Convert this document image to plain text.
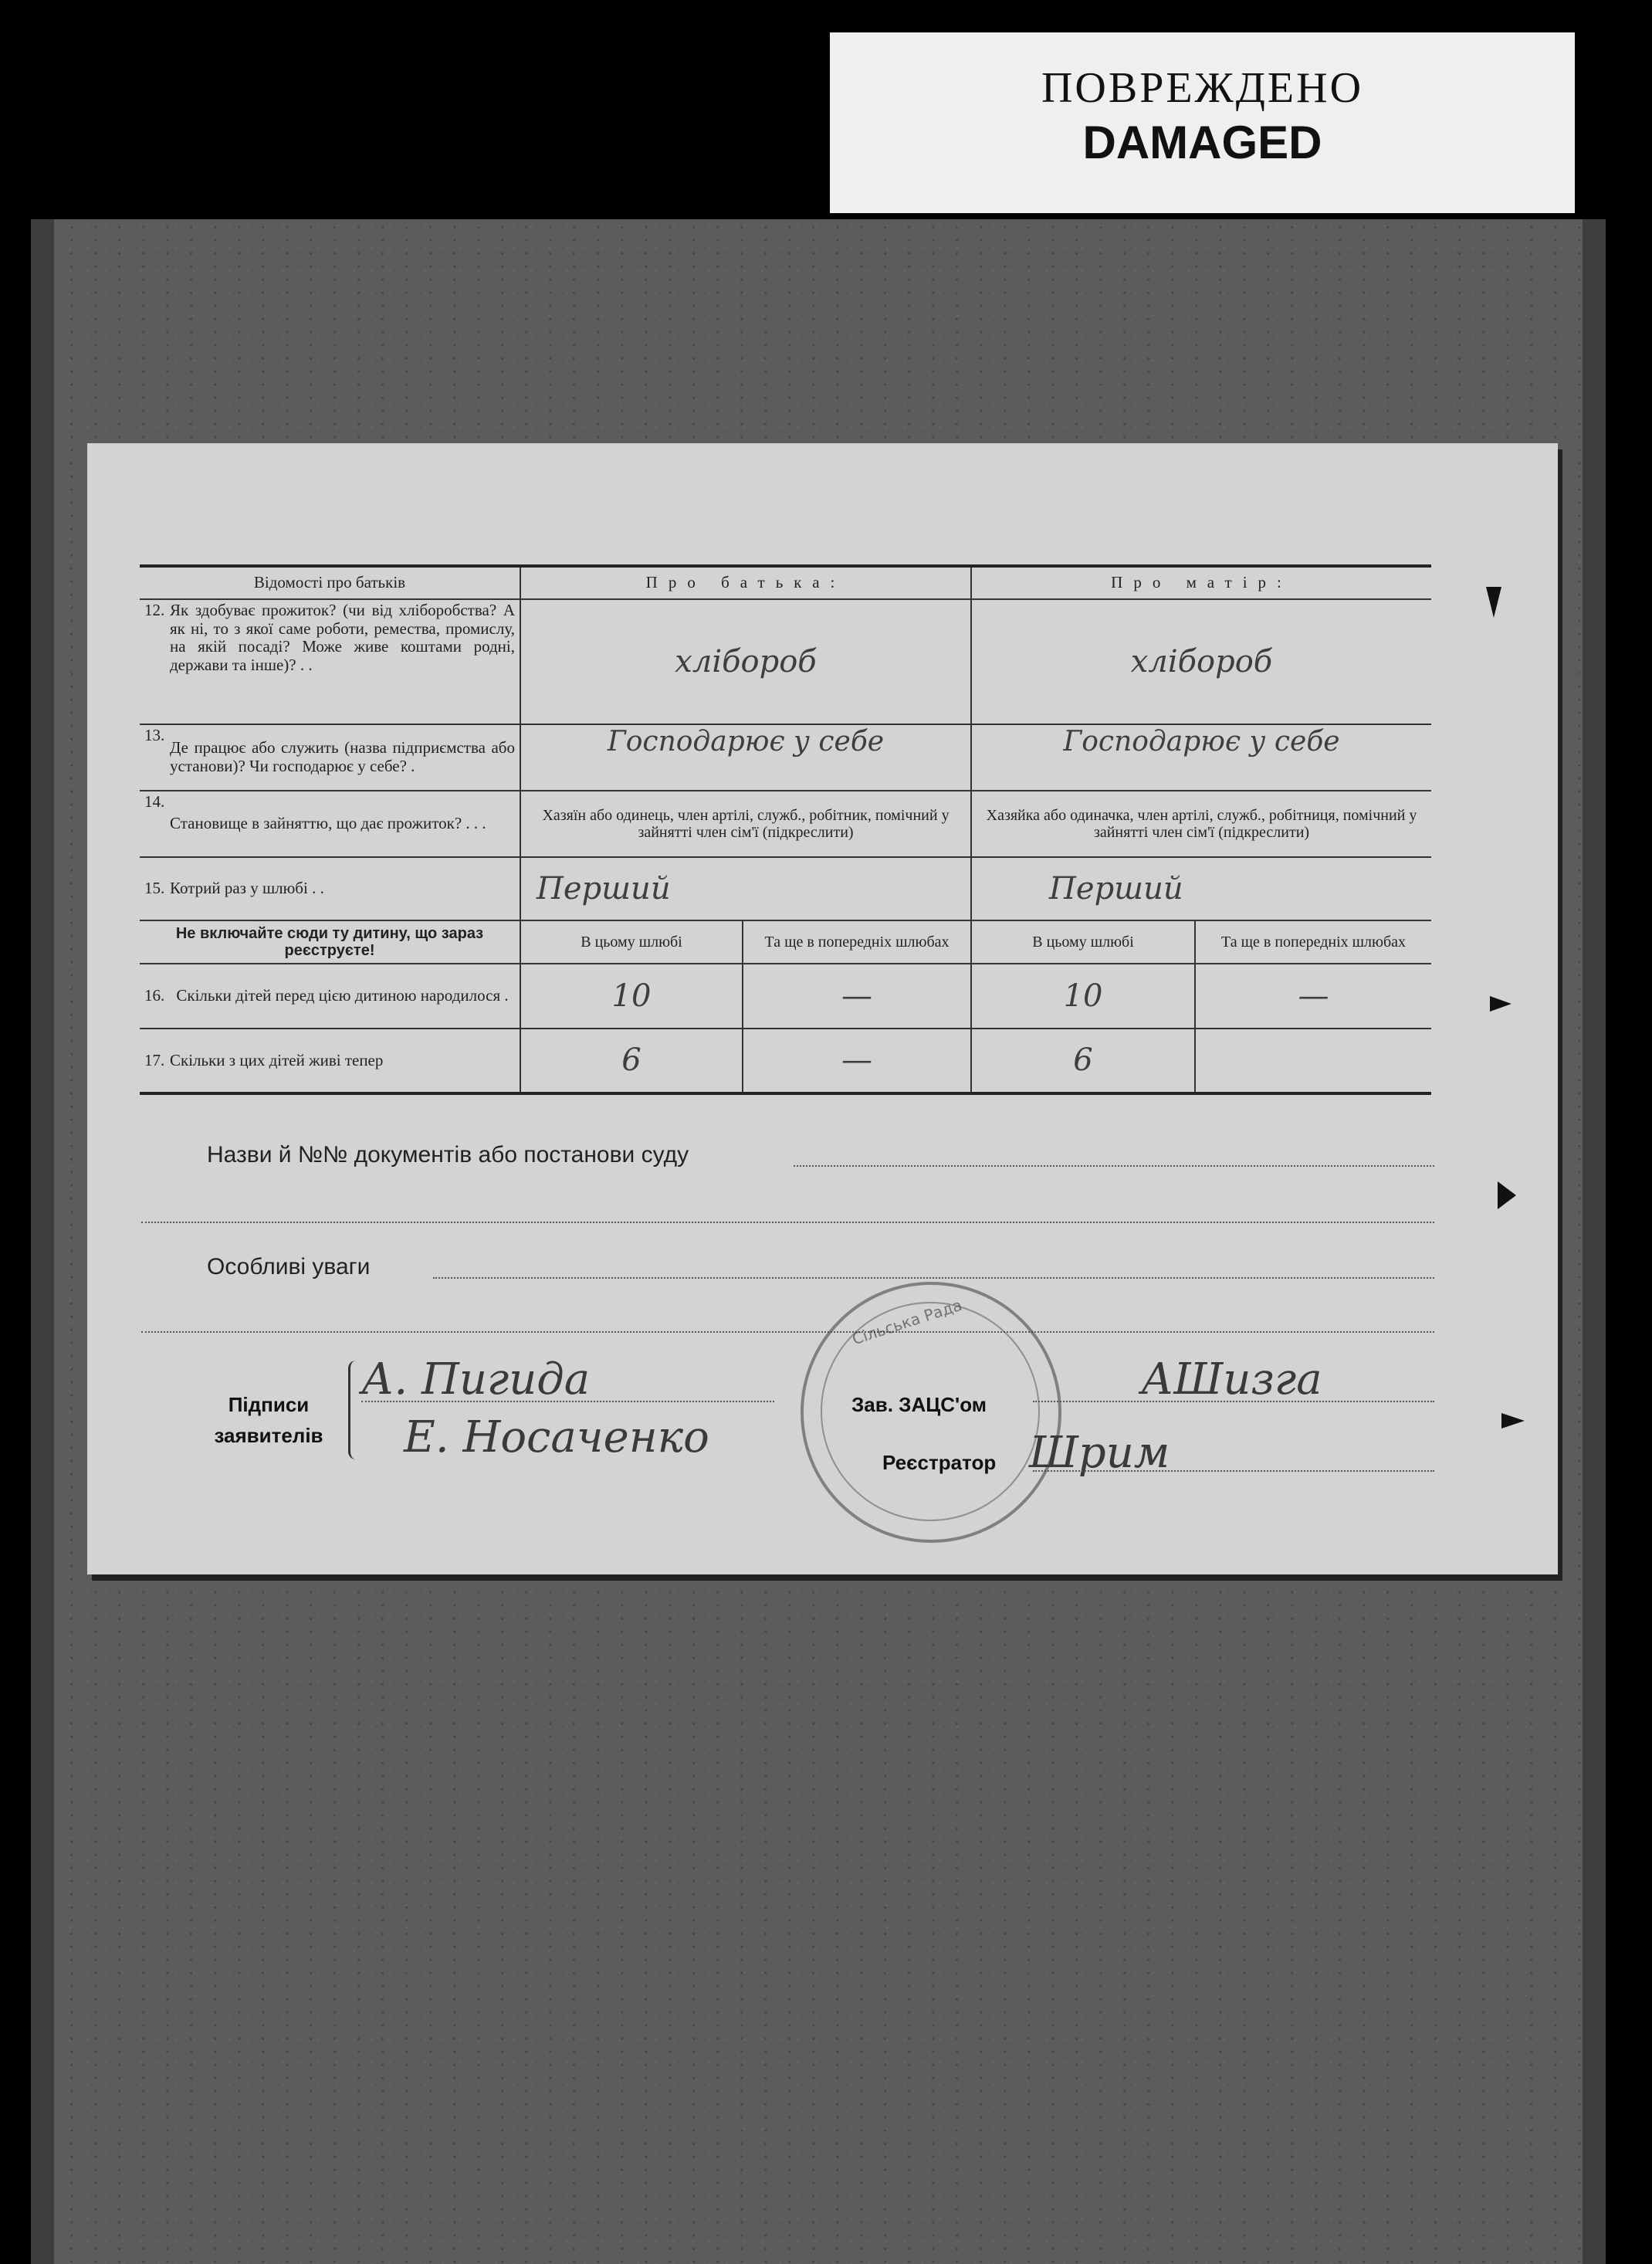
ПОВРЕЖДЕНО
DAMAGED
Відомості про батьків		Про батька:		Про матір:	
12.	Як здобуває прожиток? (чи від хліборобства? А як ні, то з якої саме роботи, ремества, промислу, на якій посаді? Може живе коштами родні, держави та інше)? . .	хлібороб		хлібороб	
13.	Де працює або служить (назва підприємства або установи)? Чи господарює у себе? .	Господарює у себе		Господарює у себе	
14.	Становище в зайняттю, що дає прожиток? . . .	Хазяїн або одинець, член артілі, служб., робітник, помічний у зайнятті член сім'ї (підкреслити)		Хазяйка або одиначка, член артілі, служб., робітниця, помічний у зайнятті член сім'ї (підкреслити)	
15.	Котрий раз у шлюбі . .	Перший		Перший	
Не включайте сюди ту дитину, що зараз реєструєте!		В цьому шлюбі	Та ще в попередніх шлюбах	В цьому шлюбі	Та ще в попередніх шлюбах
16.	Скільки дітей перед цією дитиною народилося .	10	—	10	—
17.	Скільки з цих дітей живі тепер	6	—	6	
Назви й №№ документів або постанови суду
Особливі уваги
Сільська Рада
Підписи
заявителів
А. Пигида
Е. Носаченко
Зав. ЗАЦС'ом	АШизга
Реєстратор Шрим
